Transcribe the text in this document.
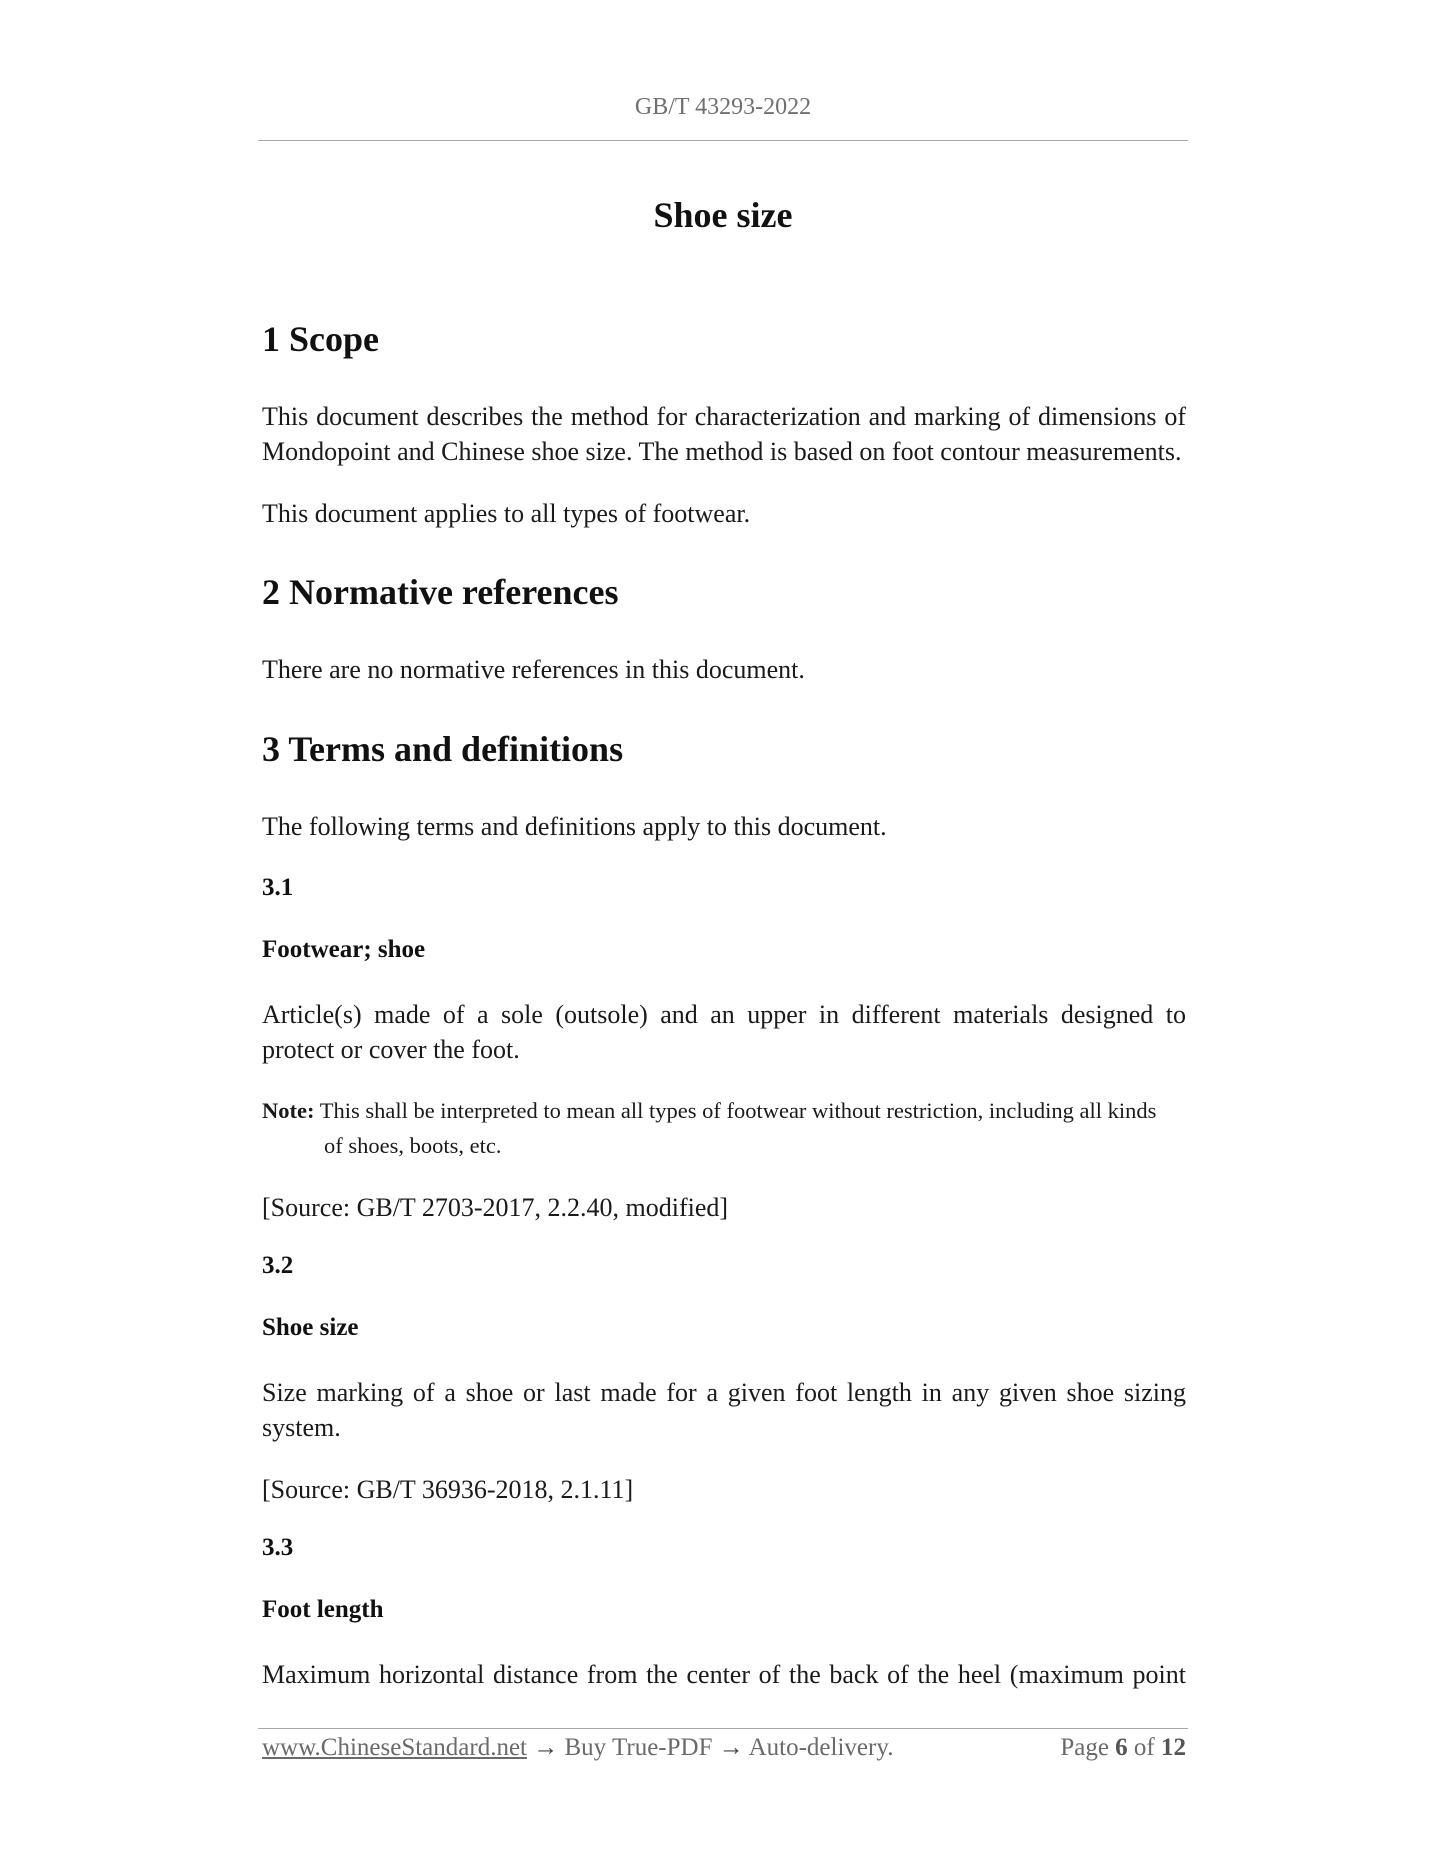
GB/T 43293-2022
Shoe size
1 Scope
This document describes the method for characterization and marking of dimensions of
Mondopoint and Chinese shoe size. The method is based on foot contour measurements.
This document applies to all types of footwear.
2 Normative references
There are no normative references in this document.
3 Terms and definitions
The following terms and definitions apply to this document.
3.1
Footwear; shoe
Article(s) made of a sole (outsole) and an upper in different materials designed to
protect or cover the foot.
Note: This shall be interpreted to mean all types of footwear without restriction, including all kinds
of shoes, boots, etc.
[Source: GB/T 2703-2017, 2.2.40, modified]
3.2
Shoe size
Size marking of a shoe or last made for a given foot length in any given shoe sizing
system.
[Source: GB/T 36936-2018, 2.1.11]
3.3
Foot length
Maximum horizontal distance from the center of the back of the heel (maximum point
www.ChineseStandard.net → Buy True-PDF → Auto-delivery.	Page 6 of 12
